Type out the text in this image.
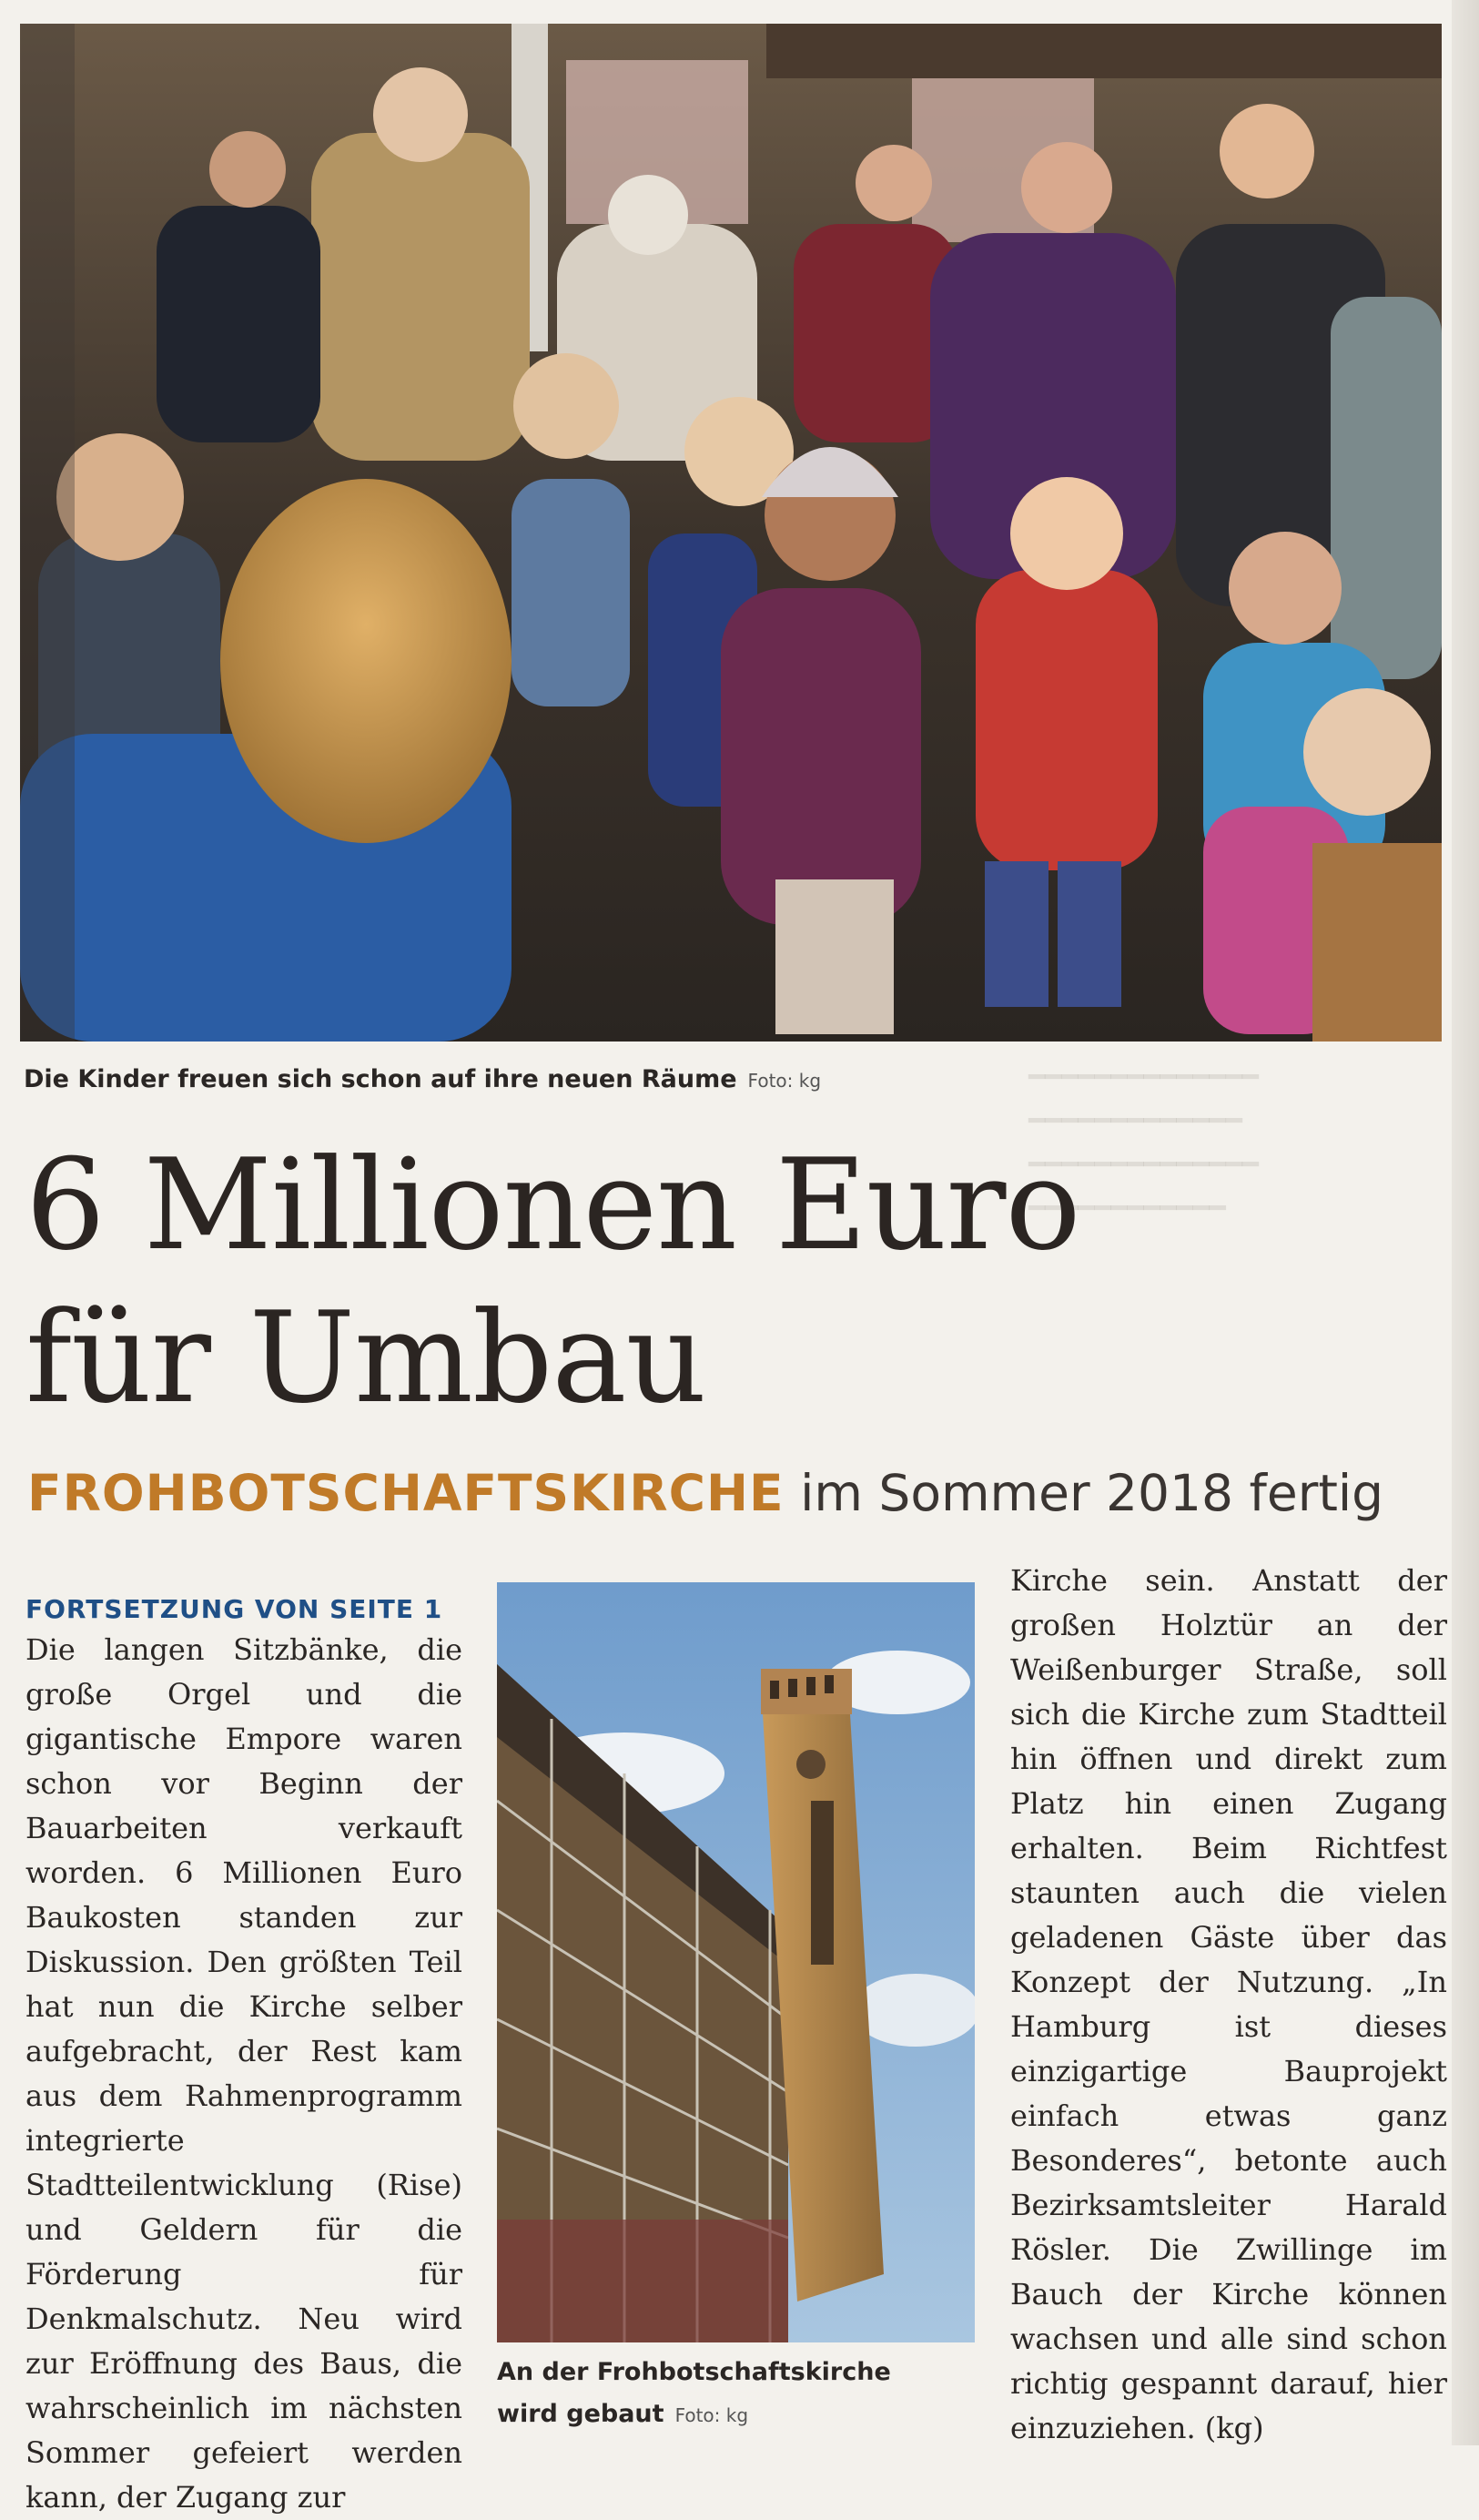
Die Kinder freuen sich schon auf ihre neuen Räume Foto: kg	━━━━━━━━━━━━━━
━━━━━━━━━━━━━
━━━━━━━━━━━━━━
━━━━━━━━━━━━
6 Millionen Euro
für Umbau
FROHBOTSCHAFTSKIRCHE im Sommer 2018 fertig
FORTSETZUNG VON SEITE 1

Die langen Sitzbänke, die große Orgel und die gigantische Empore waren schon vor Beginn der Bauarbeiten verkauft worden. 6 Millionen Euro Baukosten standen zur Diskussion. Den größten Teil hat nun die Kirche selber aufgebracht, der Rest kam aus dem Rahmenprogramm integrierte Stadtteilentwicklung (Rise) und Geldern für die Förderung für Denkmalschutz. Neu wird zur Eröffnung des Baus, die wahrscheinlich im nächsten Sommer gefeiert werden kann, der Zugang zur

An der Frohbotschaftskirche
wird gebaut Foto: kg

Kirche sein. Anstatt der großen Holztür an der Weißenburger Straße, soll sich die Kirche zum Stadtteil hin öffnen und direkt zum Platz hin einen Zugang erhalten. Beim Richtfest staunten auch die vielen geladenen Gäste über das Konzept der Nutzung. „In Hamburg ist dieses einzigartige Bauprojekt einfach etwas ganz Besonderes“, betonte auch Bezirksamtsleiter Harald Rösler. Die Zwillinge im Bauch der Kirche können wachsen und alle sind schon richtig gespannt darauf, hier einzuziehen. (kg)
